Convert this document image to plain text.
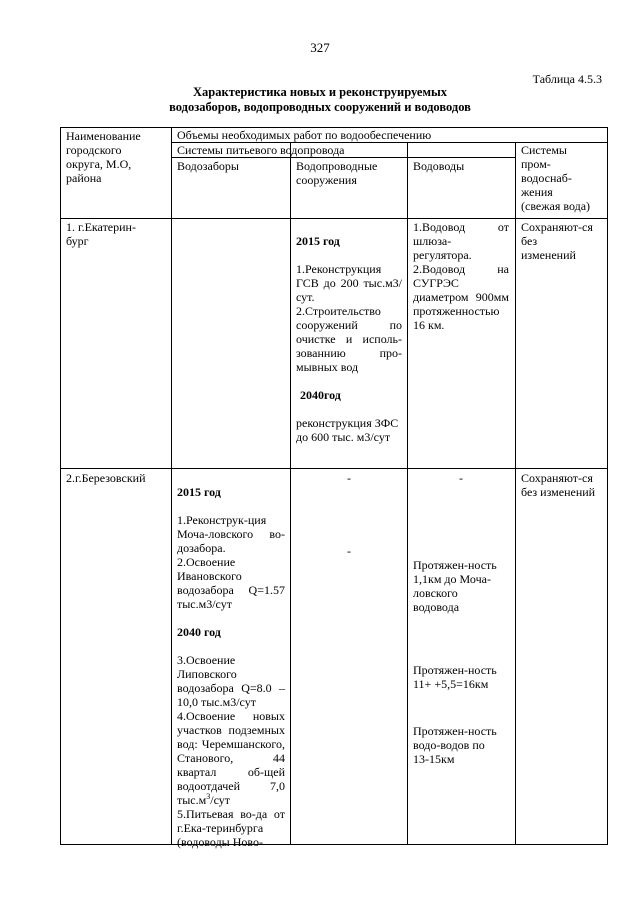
327
Таблица 4.5.3
Характеристика новых и реконструируемых
водозаборов, водопроводных сооружений и водоводов
Наименование
городского
округа, М.О,
района
Объемы необходимых работ по водообеспечению
Системы питьевого водопровода
Водозаборы	Водопроводные
сооружения
Водоводы
Системы
пром-
водоснаб-
жения
(свежая вода)
1. г.Екатерин-
бург	2015 год

1.Реконструкция ГСВ до 200 тыс.м3/сут.
2.Строительство сооружений по очистке и исполь-зованнию про-мывных вод

2040год

реконструкция ЗФС до 600 тыс. м3/сут

1.Водовод от шлюза-регулятора.
2.Водовод на СУГРЭС диаметром 900мм протяженностью 16 км.
Сохраняют-ся
без
изменений
2.г.Березовский

2015 год

1.Реконструк-ция Моча-ловского во-дозабора.
2.Освоение Ивановского водозабора Q=1.57 тыс.м3/сут

2040 год

3.Освоение Липовского водозабора Q=8.0 –10,0 тыс.м3/сут
4.Освоение новых участков подземных вод: Черемшанского, Станового, 44 квартал об-щей водоотдачей 7,0 $тыс.м^3$/сут
5.Питьевая во-да от г.Ека-теринбурга (водоводы Ново-

-
-
-
Протяжен-ность
1,1км до Моча-
ловского
водовода
Протяжен-ность
11+ +5,5=16км
Протяжен-ность
водо-водов по
13-15км
Сохраняют-ся
без изменений
